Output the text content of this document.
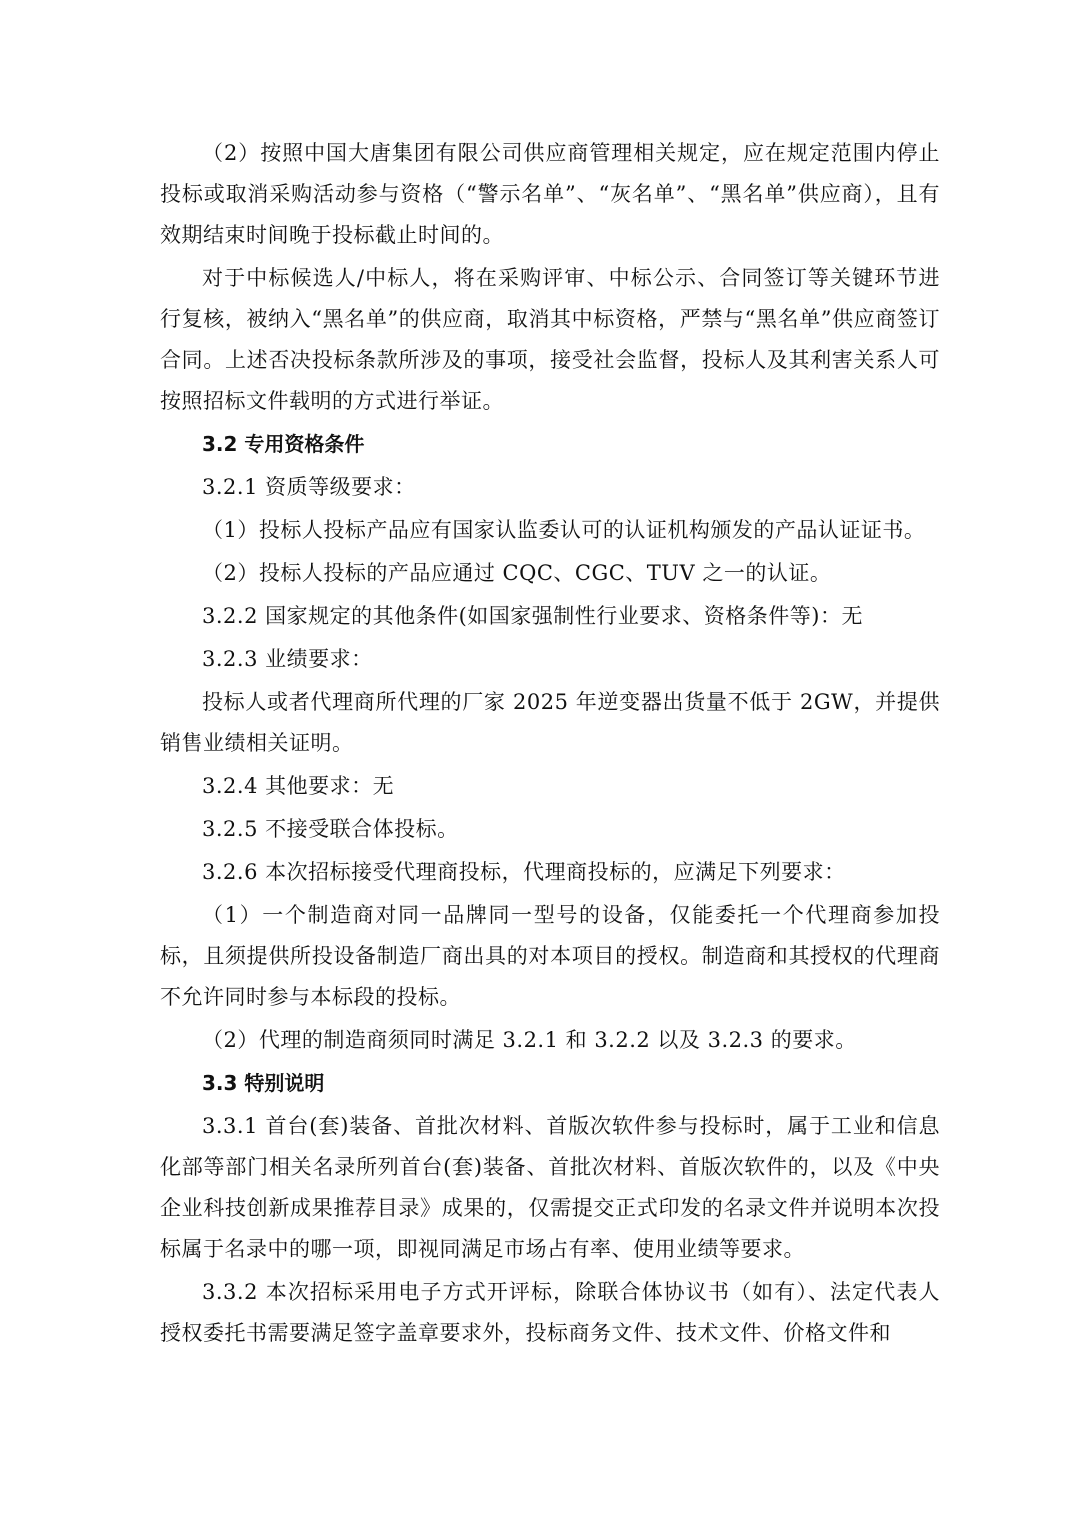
（2）按照中国大唐集团有限公司供应商管理相关规定，应在规定范围内停止投标或取消采购活动参与资格（“警示名单”、“灰名单”、“黑名单”供应商），且有效期结束时间晚于投标截止时间的。

对于中标候选人/中标人，将在采购评审、中标公示、合同签订等关键环节进行复核，被纳入“黑名单”的供应商，取消其中标资格，严禁与“黑名单”供应商签订合同。上述否决投标条款所涉及的事项，接受社会监督，投标人及其利害关系人可按照招标文件载明的方式进行举证。

3.2 专用资格条件

3.2.1 资质等级要求：

（1）投标人投标产品应有国家认监委认可的认证机构颁发的产品认证证书。

（2）投标人投标的产品应通过 CQC、CGC、TUV 之一的认证。

3.2.2 国家规定的其他条件(如国家强制性行业要求、资格条件等)：无

3.2.3 业绩要求：

投标人或者代理商所代理的厂家 2025 年逆变器出货量不低于 2GW，并提供销售业绩相关证明。

3.2.4 其他要求：无

3.2.5 不接受联合体投标。

3.2.6 本次招标接受代理商投标，代理商投标的，应满足下列要求：

（1）一个制造商对同一品牌同一型号的设备，仅能委托一个代理商参加投标，且须提供所投设备制造厂商出具的对本项目的授权。制造商和其授权的代理商不允许同时参与本标段的投标。

（2）代理的制造商须同时满足 3.2.1 和 3.2.2 以及 3.2.3 的要求。

3.3 特别说明

3.3.1 首台(套)装备、首批次材料、首版次软件参与投标时，属于工业和信息化部等部门相关名录所列首台(套)装备、首批次材料、首版次软件的，以及《中央企业科技创新成果推荐目录》成果的，仅需提交正式印发的名录文件并说明本次投标属于名录中的哪一项，即视同满足市场占有率、使用业绩等要求。

3.3.2 本次招标采用电子方式开评标，除联合体协议书（如有）、法定代表人授权委托书需要满足签字盖章要求外，投标商务文件、技术文件、价格文件和
